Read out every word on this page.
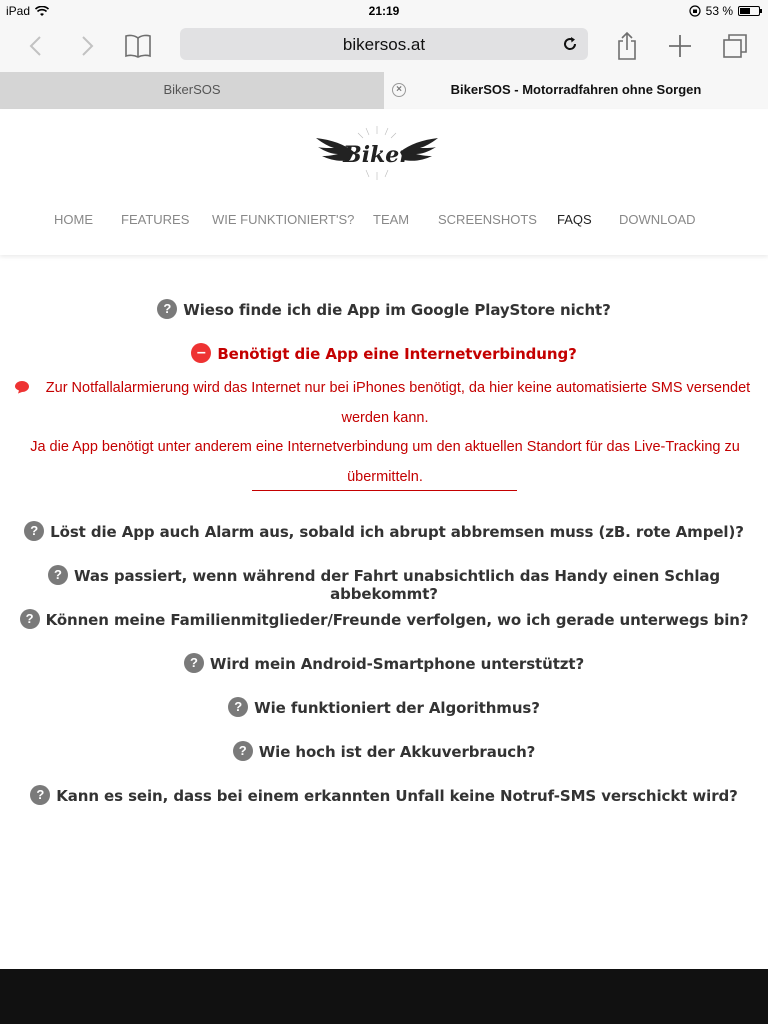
iPad	21:19	53 %
bikersos.at
BikerSOS	×	BikerSOS - Motorradfahren ohne Sorgen
Biker
HOME FEATURES WIE FUNKTIONIERT'S? TEAM SCREENSHOTS FAQS DOWNLOAD
? Wieso finde ich die App im Google PlayStore nicht?
– Benötigt die App eine Internetverbindung?
Zur Notfallalarmierung wird das Internet nur bei iPhones benötigt, da hier keine automatisierte SMS versendet
werden kann.
Ja die App benötigt unter anderem eine Internetverbindung um den aktuellen Standort für das Live-Tracking zu
übermitteln.
? Löst die App auch Alarm aus, sobald ich abrupt abbremsen muss (zB. rote Ampel)?
? Was passiert, wenn während der Fahrt unabsichtlich das Handy einen Schlag abbekommt?
? Können meine Familienmitglieder/Freunde verfolgen, wo ich gerade unterwegs bin?
? Wird mein Android-Smartphone unterstützt?
? Wie funktioniert der Algorithmus?
? Wie hoch ist der Akkuverbrauch?
? Kann es sein, dass bei einem erkannten Unfall keine Notruf-SMS verschickt wird?
